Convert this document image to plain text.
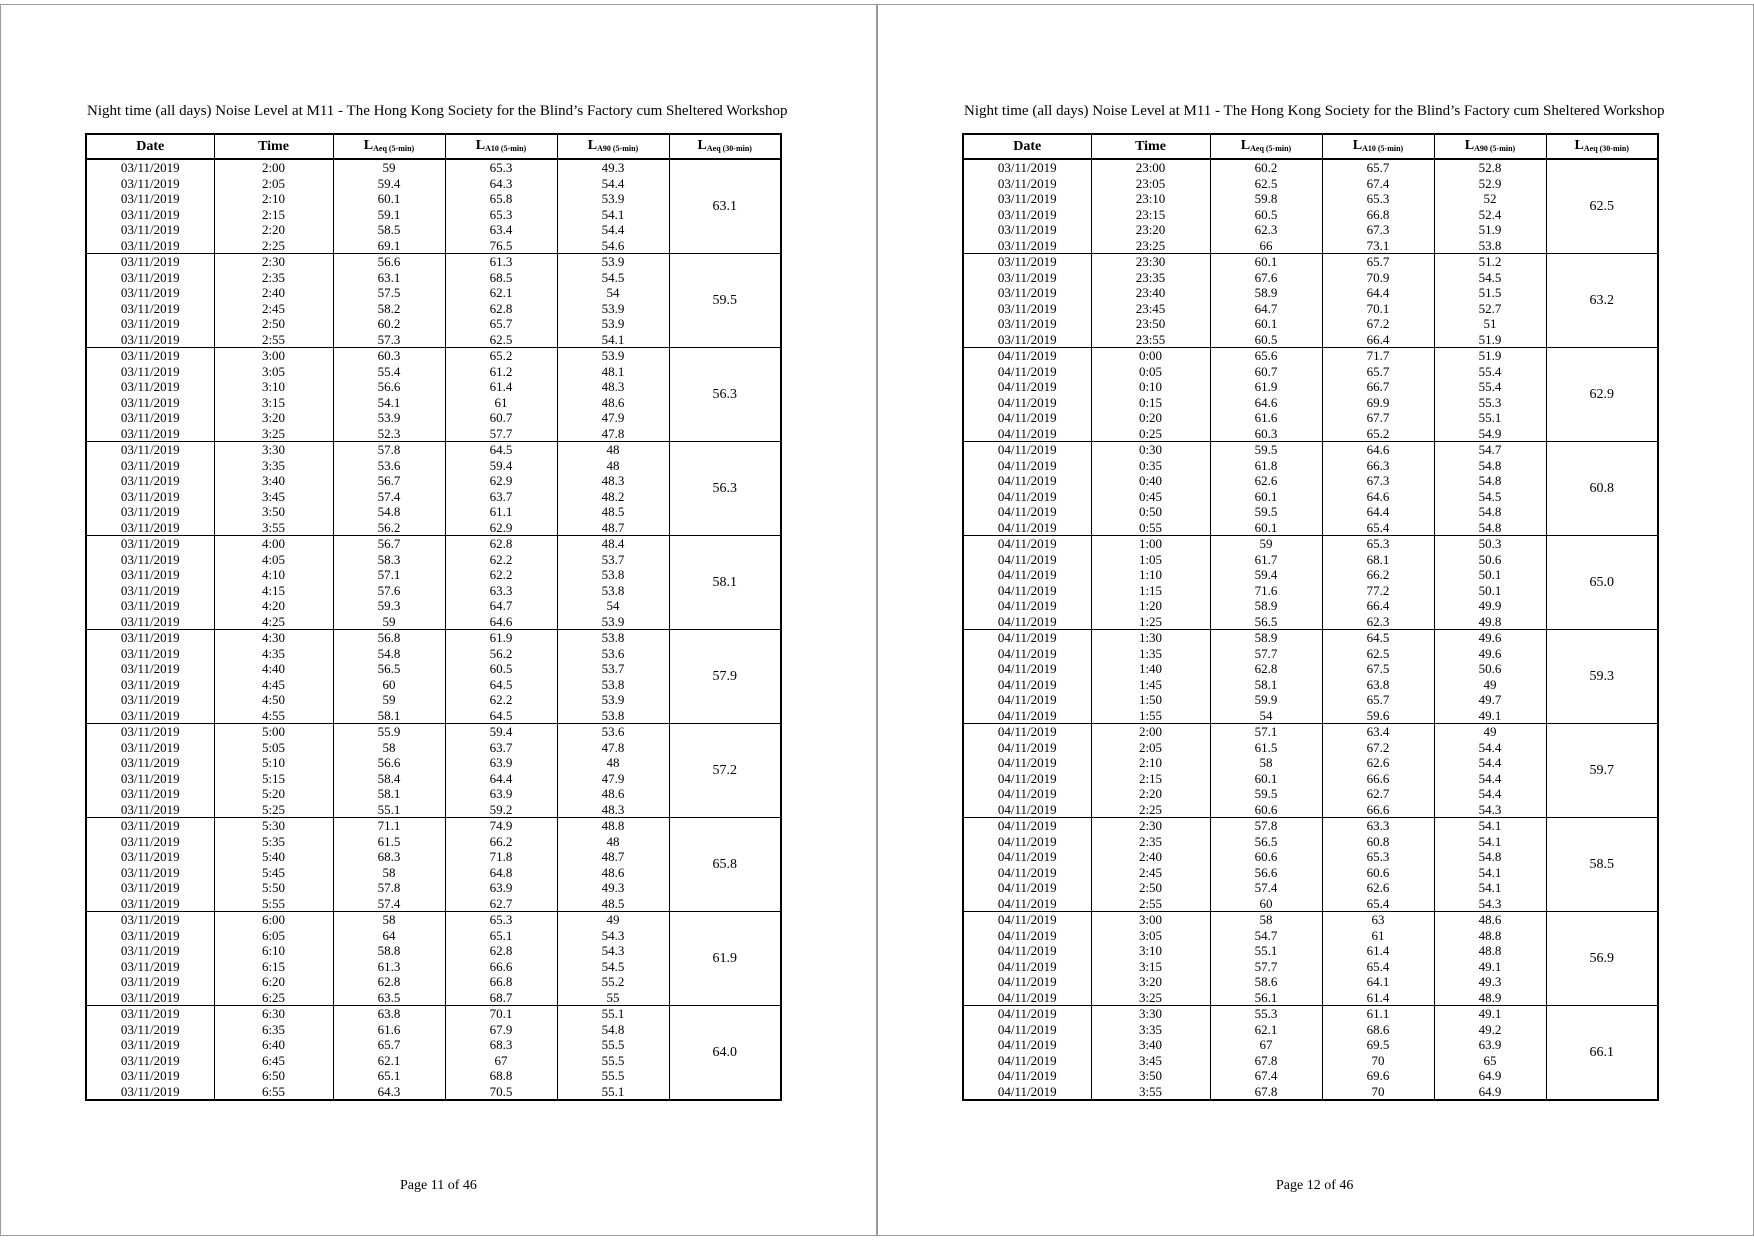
Night time (all days) Noise Level at M11 - The Hong Kong Society for the Blind’s Factory cum Sheltered Workshop
Date	Time	$L_{Aeq (5-min)}$	$L_{A10 (5-min)}$	$L_{A90 (5-min)}$	$L_{Aeq (30-min)}$
03/11/2019	2:00	59	65.3	49.3	63.1
03/11/2019	2:05	59.4	64.3	54.4	
03/11/2019	2:10	60.1	65.8	53.9	
03/11/2019	2:15	59.1	65.3	54.1	
03/11/2019	2:20	58.5	63.4	54.4	
03/11/2019	2:25	69.1	76.5	54.6	
03/11/2019	2:30	56.6	61.3	53.9	59.5
03/11/2019	2:35	63.1	68.5	54.5	
03/11/2019	2:40	57.5	62.1	54	
03/11/2019	2:45	58.2	62.8	53.9	
03/11/2019	2:50	60.2	65.7	53.9	
03/11/2019	2:55	57.3	62.5	54.1	
03/11/2019	3:00	60.3	65.2	53.9	56.3
03/11/2019	3:05	55.4	61.2	48.1	
03/11/2019	3:10	56.6	61.4	48.3	
03/11/2019	3:15	54.1	61	48.6	
03/11/2019	3:20	53.9	60.7	47.9	
03/11/2019	3:25	52.3	57.7	47.8	
03/11/2019	3:30	57.8	64.5	48	56.3
03/11/2019	3:35	53.6	59.4	48	
03/11/2019	3:40	56.7	62.9	48.3	
03/11/2019	3:45	57.4	63.7	48.2	
03/11/2019	3:50	54.8	61.1	48.5	
03/11/2019	3:55	56.2	62.9	48.7	
03/11/2019	4:00	56.7	62.8	48.4	58.1
03/11/2019	4:05	58.3	62.2	53.7	
03/11/2019	4:10	57.1	62.2	53.8	
03/11/2019	4:15	57.6	63.3	53.8	
03/11/2019	4:20	59.3	64.7	54	
03/11/2019	4:25	59	64.6	53.9	
03/11/2019	4:30	56.8	61.9	53.8	57.9
03/11/2019	4:35	54.8	56.2	53.6	
03/11/2019	4:40	56.5	60.5	53.7	
03/11/2019	4:45	60	64.5	53.8	
03/11/2019	4:50	59	62.2	53.9	
03/11/2019	4:55	58.1	64.5	53.8	
03/11/2019	5:00	55.9	59.4	53.6	57.2
03/11/2019	5:05	58	63.7	47.8	
03/11/2019	5:10	56.6	63.9	48	
03/11/2019	5:15	58.4	64.4	47.9	
03/11/2019	5:20	58.1	63.9	48.6	
03/11/2019	5:25	55.1	59.2	48.3	
03/11/2019	5:30	71.1	74.9	48.8	65.8
03/11/2019	5:35	61.5	66.2	48	
03/11/2019	5:40	68.3	71.8	48.7	
03/11/2019	5:45	58	64.8	48.6	
03/11/2019	5:50	57.8	63.9	49.3	
03/11/2019	5:55	57.4	62.7	48.5	
03/11/2019	6:00	58	65.3	49	61.9
03/11/2019	6:05	64	65.1	54.3	
03/11/2019	6:10	58.8	62.8	54.3	
03/11/2019	6:15	61.3	66.6	54.5	
03/11/2019	6:20	62.8	66.8	55.2	
03/11/2019	6:25	63.5	68.7	55	
03/11/2019	6:30	63.8	70.1	55.1	64.0
03/11/2019	6:35	61.6	67.9	54.8	
03/11/2019	6:40	65.7	68.3	55.5	
03/11/2019	6:45	62.1	67	55.5	
03/11/2019	6:50	65.1	68.8	55.5	
03/11/2019	6:55	64.3	70.5	55.1	
Page 11 of 46
Night time (all days) Noise Level at M11 - The Hong Kong Society for the Blind’s Factory cum Sheltered Workshop
Date	Time	$L_{Aeq (5-min)}$	$L_{A10 (5-min)}$	$L_{A90 (5-min)}$	$L_{Aeq (30-min)}$
03/11/2019	23:00	60.2	65.7	52.8	62.5
03/11/2019	23:05	62.5	67.4	52.9	
03/11/2019	23:10	59.8	65.3	52	
03/11/2019	23:15	60.5	66.8	52.4	
03/11/2019	23:20	62.3	67.3	51.9	
03/11/2019	23:25	66	73.1	53.8	
03/11/2019	23:30	60.1	65.7	51.2	63.2
03/11/2019	23:35	67.6	70.9	54.5	
03/11/2019	23:40	58.9	64.4	51.5	
03/11/2019	23:45	64.7	70.1	52.7	
03/11/2019	23:50	60.1	67.2	51	
03/11/2019	23:55	60.5	66.4	51.9	
04/11/2019	0:00	65.6	71.7	51.9	62.9
04/11/2019	0:05	60.7	65.7	55.4	
04/11/2019	0:10	61.9	66.7	55.4	
04/11/2019	0:15	64.6	69.9	55.3	
04/11/2019	0:20	61.6	67.7	55.1	
04/11/2019	0:25	60.3	65.2	54.9	
04/11/2019	0:30	59.5	64.6	54.7	60.8
04/11/2019	0:35	61.8	66.3	54.8	
04/11/2019	0:40	62.6	67.3	54.8	
04/11/2019	0:45	60.1	64.6	54.5	
04/11/2019	0:50	59.5	64.4	54.8	
04/11/2019	0:55	60.1	65.4	54.8	
04/11/2019	1:00	59	65.3	50.3	65.0
04/11/2019	1:05	61.7	68.1	50.6	
04/11/2019	1:10	59.4	66.2	50.1	
04/11/2019	1:15	71.6	77.2	50.1	
04/11/2019	1:20	58.9	66.4	49.9	
04/11/2019	1:25	56.5	62.3	49.8	
04/11/2019	1:30	58.9	64.5	49.6	59.3
04/11/2019	1:35	57.7	62.5	49.6	
04/11/2019	1:40	62.8	67.5	50.6	
04/11/2019	1:45	58.1	63.8	49	
04/11/2019	1:50	59.9	65.7	49.7	
04/11/2019	1:55	54	59.6	49.1	
04/11/2019	2:00	57.1	63.4	49	59.7
04/11/2019	2:05	61.5	67.2	54.4	
04/11/2019	2:10	58	62.6	54.4	
04/11/2019	2:15	60.1	66.6	54.4	
04/11/2019	2:20	59.5	62.7	54.4	
04/11/2019	2:25	60.6	66.6	54.3	
04/11/2019	2:30	57.8	63.3	54.1	58.5
04/11/2019	2:35	56.5	60.8	54.1	
04/11/2019	2:40	60.6	65.3	54.8	
04/11/2019	2:45	56.6	60.6	54.1	
04/11/2019	2:50	57.4	62.6	54.1	
04/11/2019	2:55	60	65.4	54.3	
04/11/2019	3:00	58	63	48.6	56.9
04/11/2019	3:05	54.7	61	48.8	
04/11/2019	3:10	55.1	61.4	48.8	
04/11/2019	3:15	57.7	65.4	49.1	
04/11/2019	3:20	58.6	64.1	49.3	
04/11/2019	3:25	56.1	61.4	48.9	
04/11/2019	3:30	55.3	61.1	49.1	66.1
04/11/2019	3:35	62.1	68.6	49.2	
04/11/2019	3:40	67	69.5	63.9	
04/11/2019	3:45	67.8	70	65	
04/11/2019	3:50	67.4	69.6	64.9	
04/11/2019	3:55	67.8	70	64.9	
Page 12 of 46
